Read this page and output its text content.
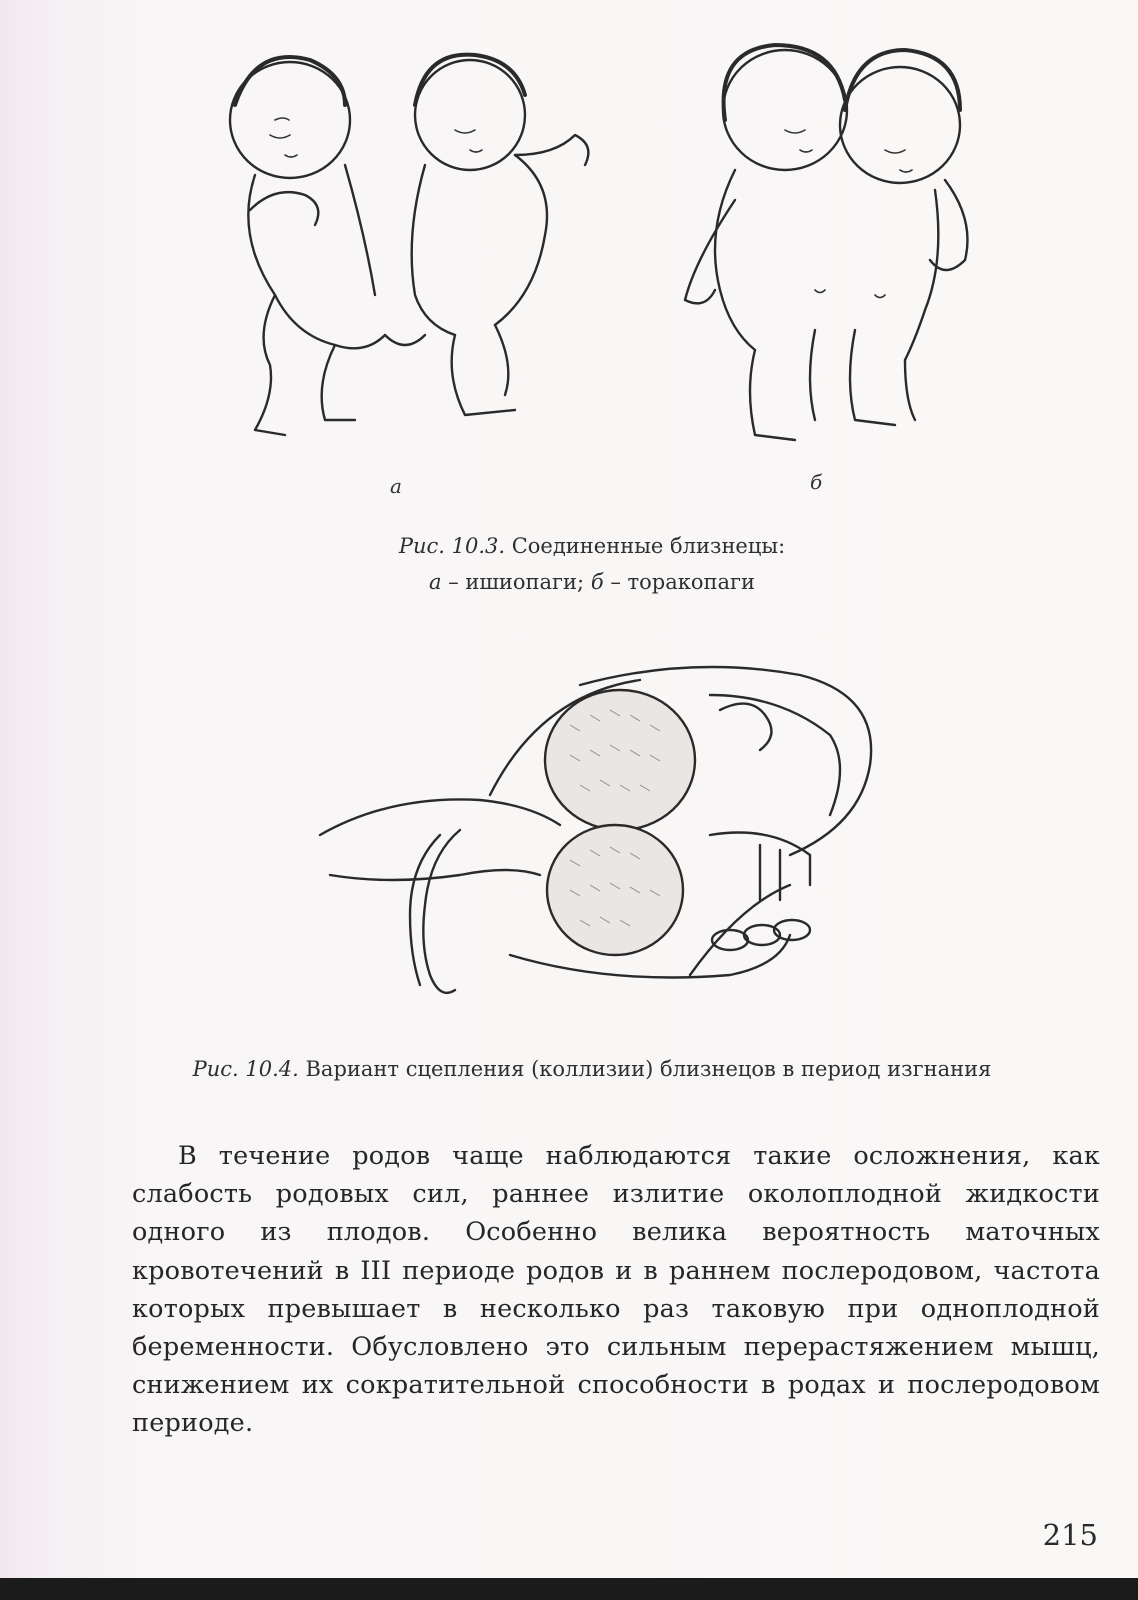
а	б
Рис. 10.3. Соединенные близнецы:
а – ишиопаги; б – торакопаги
Рис. 10.4. Вариант сцепления (коллизии) близнецов в период изгнания

В течение родов чаще наблюдаются такие осложнения, как слабость родовых сил, раннее излитие околоплодной жидкости одного из плодов. Особенно велика вероятность маточных кровотечений в III периоде родов и в раннем послеродовом, частота которых превышает в несколько раз таковую при одноплодной беременности. Обусловлено это сильным перерастяжением мышц, снижением их сократительной способности в родах и послеродовом периоде.

215
